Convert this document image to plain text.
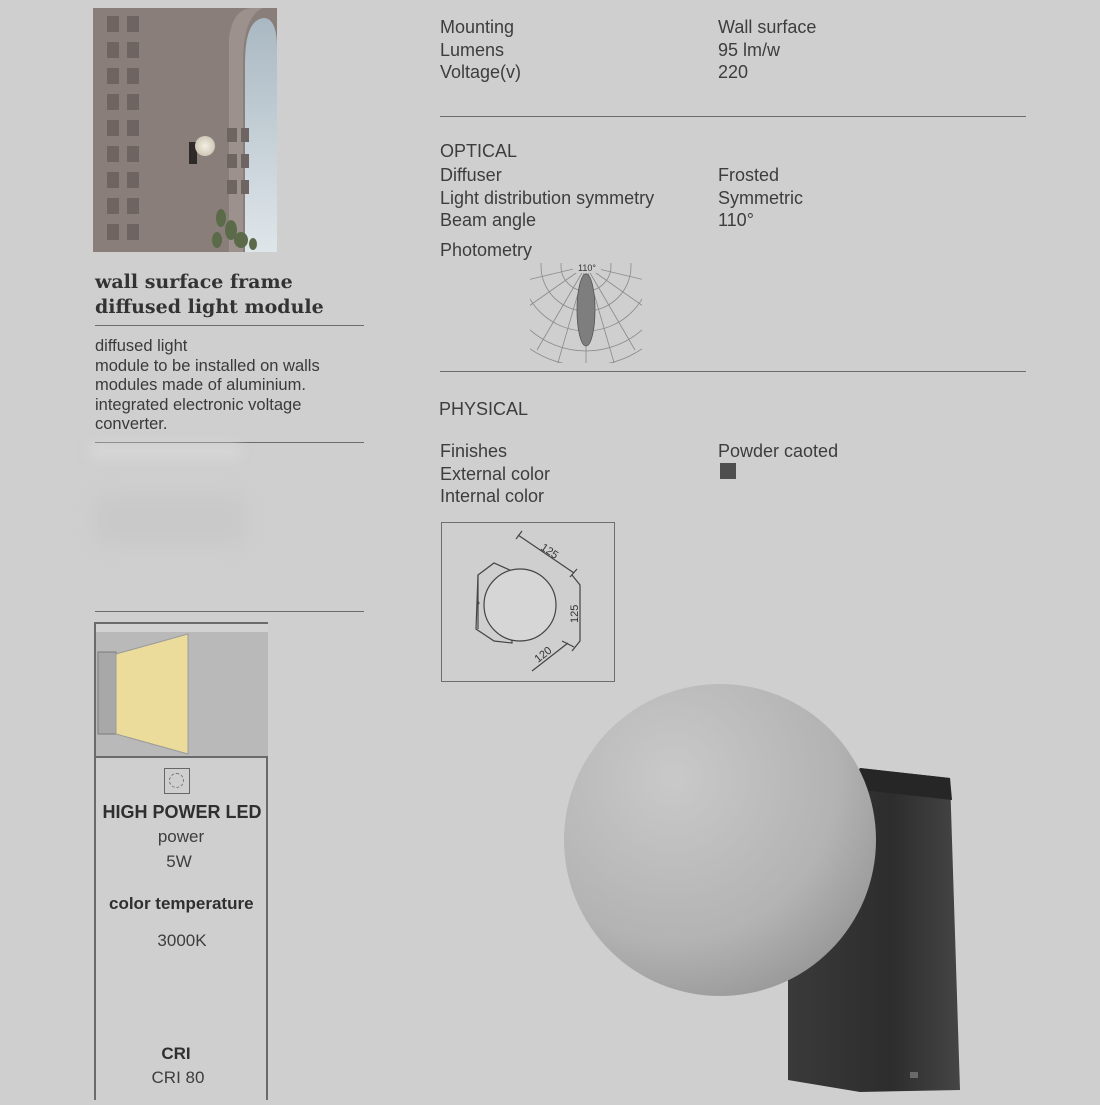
wall surface frame
diffused light module
diffused light
module to be installed on walls
modules made of aluminium.
integrated electronic voltage
converter.
HIGH POWER LED
power
5W
color temperature
3000K
CRI
CRI 80
Mounting
Lumens
Voltage(v)
Wall surface
95 lm/w
220
OPTICAL
Diffuser
Light distribution symmetry
Beam angle
Frosted
Symmetric
110°
Photometry
110°
PHYSICAL
Finishes
External color
Internal color
Powder caoted
125
125
120
